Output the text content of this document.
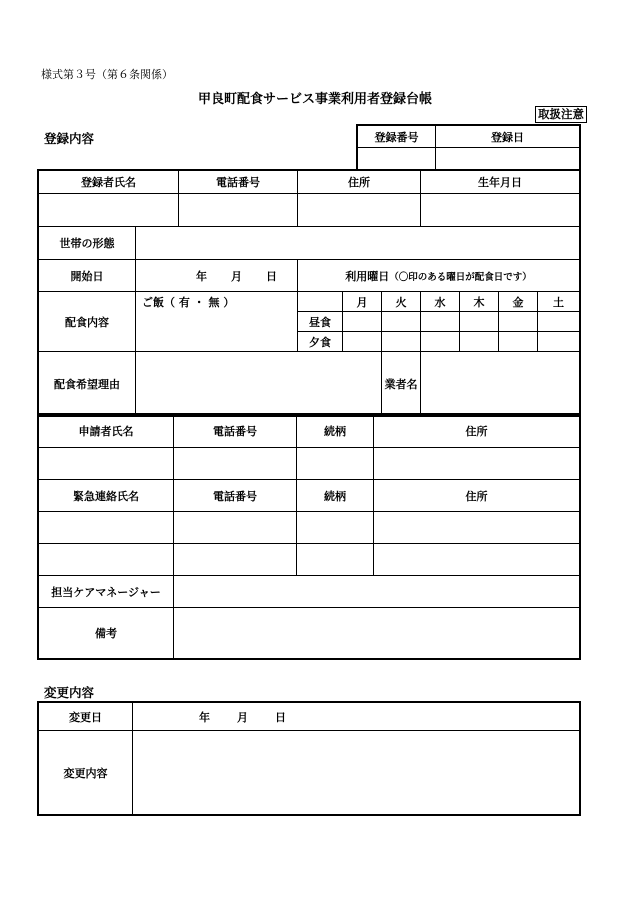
様式第３号（第６条関係）
甲良町配食サービス事業利用者登録台帳
取扱注意
登録内容	登録番号	登録日

登録者氏名		電話番号	住所			生年月日			

世帯の形態									
開始日	年 月 日		利用曜日（〇印のある曜日が配食日です）						
配食内容	ご飯（ 有 ・ 無 ）			月	火	水	木	金	土
			昼食						
			夕食						
配食希望理由					業者名				
申請者氏名	電話番号	続柄	住所

緊急連絡氏名	電話番号	続柄	住所

担当ケアマネージャー			
備考			
変更内容
変更日	年 月 日
変更内容	
